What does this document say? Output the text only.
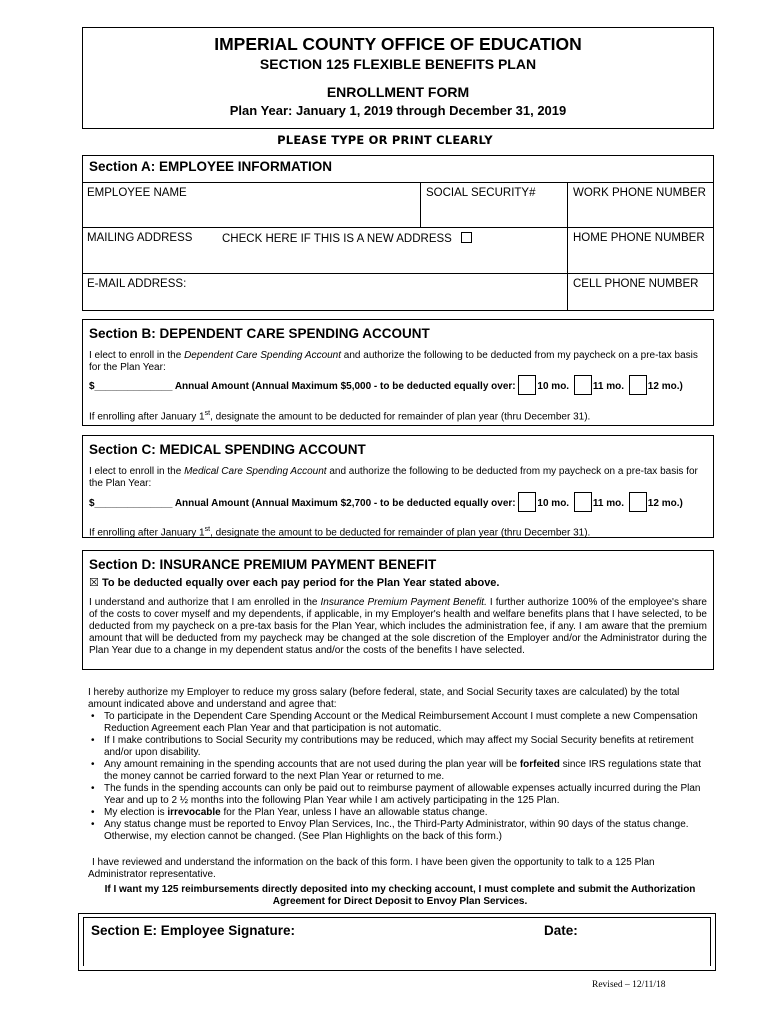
IMPERIAL COUNTY OFFICE OF EDUCATION
SECTION 125 FLEXIBLE BENEFITS PLAN
ENROLLMENT FORM
Plan Year: January 1, 2019 through December 31, 2019
PLEASE TYPE OR PRINT CLEARLY
Section A: EMPLOYEE INFORMATION
EMPLOYEE NAME	SOCIAL SECURITY#	WORK PHONE NUMBER
MAILING ADDRESS	CHECK HERE IF THIS IS A NEW ADDRESS	HOME PHONE NUMBER
E-MAIL ADDRESS:	CELL PHONE NUMBER
Section B: DEPENDENT CARE SPENDING ACCOUNT
I elect to enroll in the Dependent Care Spending Account and authorize the following to be deducted from my paycheck on a pre-tax basis for the Plan Year:
$______________ Annual Amount (Annual Maximum $5,000 - to be deducted equally over: 10 mo. 11 mo. 12 mo.)
If enrolling after January 1st, designate the amount to be deducted for remainder of plan year (thru December 31).
Section C: MEDICAL SPENDING ACCOUNT
I elect to enroll in the Medical Care Spending Account and authorize the following to be deducted from my paycheck on a pre-tax basis for the Plan Year:
$______________ Annual Amount (Annual Maximum $2,700 - to be deducted equally over: 10 mo. 11 mo. 12 mo.)
If enrolling after January 1st, designate the amount to be deducted for remainder of plan year (thru December 31).
Section D: INSURANCE PREMIUM PAYMENT BENEFIT
☒ To be deducted equally over each pay period for the Plan Year stated above.
I understand and authorize that I am enrolled in the Insurance Premium Payment Benefit. I further authorize 100% of the employee's share of the costs to cover myself and my dependents, if applicable, in my Employer's health and welfare benefits plans that I have selected, to be deducted from my paycheck on a pre-tax basis for the Plan Year, which includes the administration fee, if any. I am aware that the premium amount that will be deducted from my paycheck may be changed at the sole discretion of the Employer and/or the Administrator during the Plan Year due to a change in my dependent status and/or the costs of the benefits I have selected.
I hereby authorize my Employer to reduce my gross salary (before federal, state, and Social Security taxes are calculated) by the total amount indicated above and understand and agree that:
• To participate in the Dependent Care Spending Account or the Medical Reimbursement Account I must complete a new Compensation Reduction Agreement each Plan Year and that participation is not automatic.
• If I make contributions to Social Security my contributions may be reduced, which may affect my Social Security benefits at retirement and/or upon disability.
• Any amount remaining in the spending accounts that are not used during the plan year will be forfeited since IRS regulations state that the money cannot be carried forward to the next Plan Year or returned to me.
• The funds in the spending accounts can only be paid out to reimburse payment of allowable expenses actually incurred during the Plan Year and up to 2 ½ months into the following Plan Year while I am actively participating in the 125 Plan.
• My election is irrevocable for the Plan Year, unless I have an allowable status change.
• Any status change must be reported to Envoy Plan Services, Inc., the Third-Party Administrator, within 90 days of the status change. Otherwise, my election cannot be changed. (See Plan Highlights on the back of this form.)
I have reviewed and understand the information on the back of this form. I have been given the opportunity to talk to a 125 Plan Administrator representative.
If I want my 125 reimbursements directly deposited into my checking account, I must complete and submit the Authorization Agreement for Direct Deposit to Envoy Plan Services.
Section E: Employee Signature:	Date:
Revised – 12/11/18
